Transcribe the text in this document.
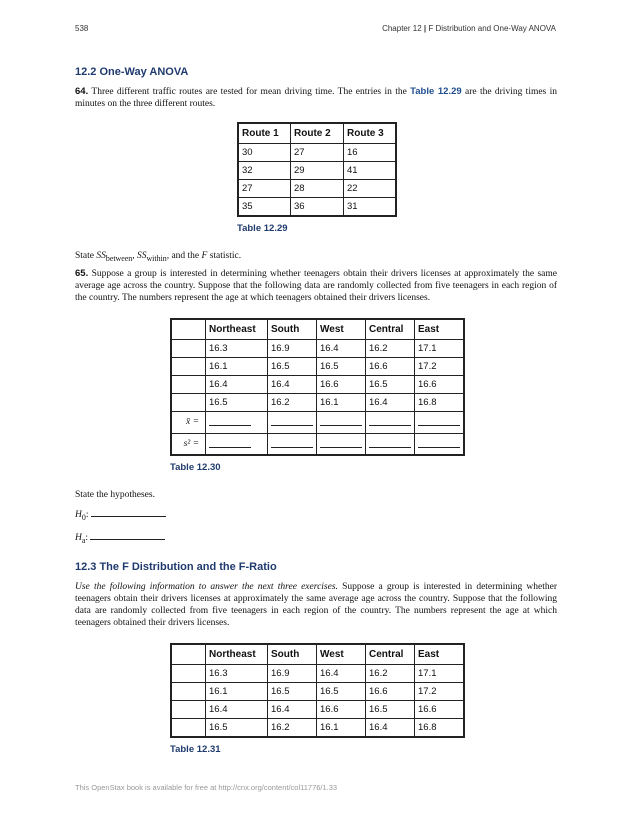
538	Chapter 12 | F Distribution and One-Way ANOVA
12.2 One-Way ANOVA

64. Three different traffic routes are tested for mean driving time. The entries in the Table 12.29 are the driving times in minutes on the three different routes.

Route 1	Route 2	Route 3
30	27	16
32	29	41
27	28	22
35	36	31
Table 12.29

State $SS_{between}$, $SS_{within}$, and the F statistic.

65. Suppose a group is interested in determining whether teenagers obtain their drivers licenses at approximately the same average age across the country. Suppose that the following data are randomly collected from five teenagers in each region of the country. The numbers represent the age at which teenagers obtained their drivers licenses.

	Northeast	South	West	Central	East
	16.3	16.9	16.4	16.2	17.1
	16.1	16.5	16.5	16.6	17.2
	16.4	16.4	16.6	16.5	16.6
	16.5	16.2	16.1	16.4	16.8
x̄ =					
s² =					
Table 12.30

State the hypotheses.

$H_0$:

$H_a$:

12.3 The F Distribution and the F-Ratio

Use the following information to answer the next three exercises. Suppose a group is interested in determining whether teenagers obtain their drivers licenses at approximately the same average age across the country. Suppose that the following data are randomly collected from five teenagers in each region of the country. The numbers represent the age at which teenagers obtained their drivers licenses.

	Northeast	South	West	Central	East
	16.3	16.9	16.4	16.2	17.1
	16.1	16.5	16.5	16.6	17.2
	16.4	16.4	16.6	16.5	16.6
	16.5	16.2	16.1	16.4	16.8
Table 12.31
This OpenStax book is available for free at http://cnx.org/content/col11776/1.33
